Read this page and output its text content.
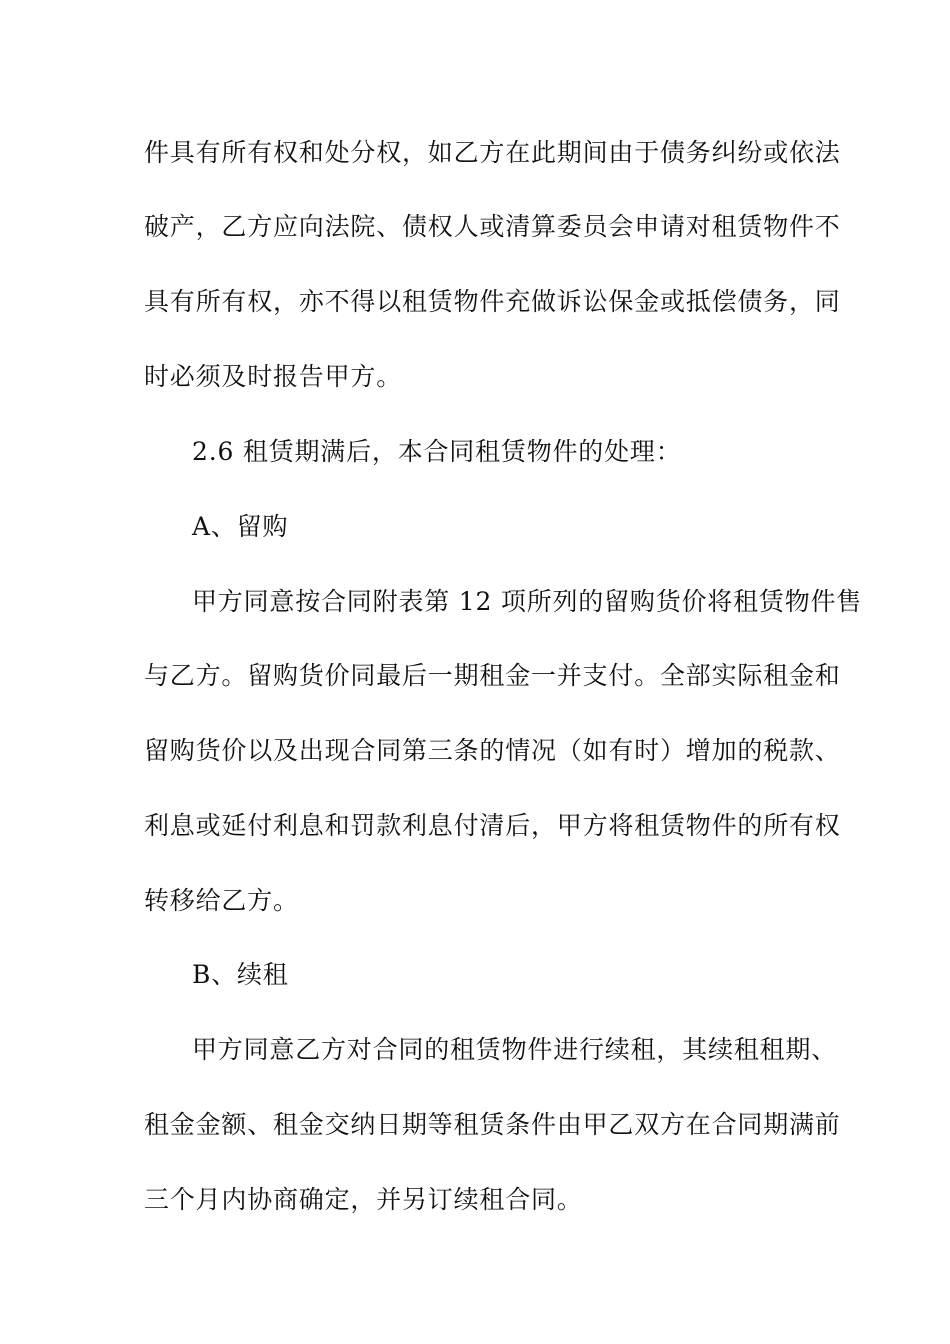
件具有所有权和处分权，如乙方在此期间由于债务纠纷或依法
破产，乙方应向法院、债权人或清算委员会申请对租赁物件不
具有所有权，亦不得以租赁物件充做诉讼保金或抵偿债务，同
时必须及时报告甲方。
2.6 租赁期满后，本合同租赁物件的处理：
A、留购
甲方同意按合同附表第 12 项所列的留购货价将租赁物件售
与乙方。留购货价同最后一期租金一并支付。全部实际租金和
留购货价以及出现合同第三条的情况（如有时）增加的税款、
利息或延付利息和罚款利息付清后，甲方将租赁物件的所有权
转移给乙方。
B、续租
甲方同意乙方对合同的租赁物件进行续租，其续租租期、
租金金额、租金交纳日期等租赁条件由甲乙双方在合同期满前
三个月内协商确定，并另订续租合同。
